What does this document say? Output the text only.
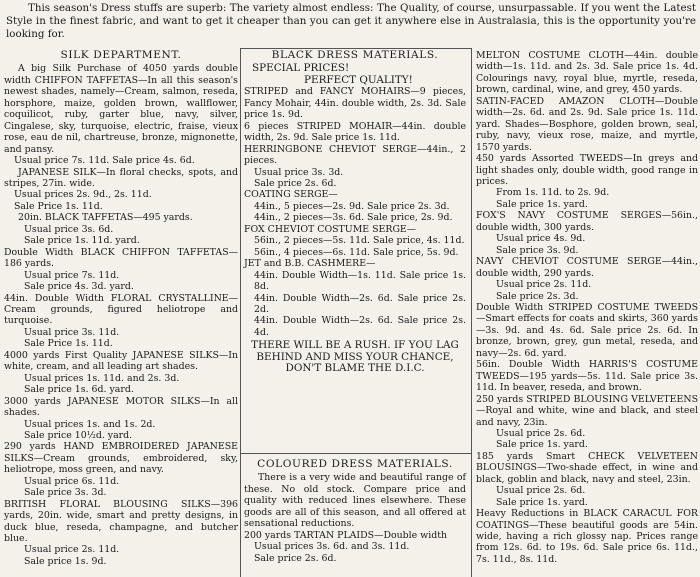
This season's Dress stuffs are superb: The variety almost endless: The Quality, of course, unsurpassable. If you went the Latest Style in the finest fabric, and want to get it cheaper than you can get it anywhere else in Australasia, this is the opportunity you're looking for.

SILK DEPARTMENT.

A big Silk Purchase of 4050 yards double width CHIFFON TAFFETAS—In all this season's newest shades, namely—Cream, salmon, reseda, horsphore, maize, golden brown, wallflower, coquilicot, ruby, garter blue, navy, silver, Cingalese, sky, turquoise, electric, fraise, vieux rose, eau de nil, chartreuse, bronze, mignonette, and pansy.

Usual price 7s. 11d. Sale price 4s. 6d.

JAPANESE SILK—In floral checks, spots, and stripes, 27in. wide.

Usual prices 2s. 9d., 2s. 11d.

Sale Price 1s. 11d.

20in. BLACK TAFFETAS—495 yards.

Usual price 3s. 6d.

Sale price 1s. 11d. yard.

Double Width BLACK CHIFFON TAFFETAS—186 yards.

Usual price 7s. 11d.

Sale price 4s. 3d. yard.

44in. Double Width FLORAL CRYSTALLINE—Cream grounds, figured heliotrope and turquoise.

Usual price 3s. 11d.

Sale Price 1s. 11d.

4000 yards First Quality JAPANESE SILKS—In white, cream, and all leading art shades.

Usual prices 1s. 11d. and 2s. 3d.

Sale price 1s. 6d. yard.

3000 yards JAPANESE MOTOR SILKS—In all shades.

Usual prices 1s. and 1s. 2d.

Sale price 10½d. yard.

290 yards HAND EMBROIDERED JAPANESE SILKS—Cream grounds, embroidered, sky, heliotrope, moss green, and navy.

Usual price 6s. 11d.

Sale price 3s. 3d.

BRITISH FLORAL BLOUSING SILKS—396 yards, 20in. wide, smart and pretty designs, in duck blue, reseda, champagne, and butcher blue.

Usual price 2s. 11d.

Sale price 1s. 9d.

BLACK DRESS MATERIALS.

SPECIAL PRICES!

PERFECT QUALITY!

STRIPED and FANCY MOHAIRS—9 pieces, Fancy Mohair, 44in. double width, 2s. 3d. Sale price 1s. 9d.

6 pieces STRIPED MOHAIR—44in. double width, 2s. 9d. Sale price 1s. 11d.

HERRINGBONE CHEVIOT SERGE—44in., 2 pieces.

Usual price 3s. 3d.

Sale price 2s. 6d.

COATING SERGE—

44in., 5 pieces—2s. 9d. Sale price 2s. 3d.

44in., 2 pieces—3s. 6d. Sale price, 2s. 9d.

FOX CHEVIOT COSTUME SERGE—

56in., 2 pieces—5s. 11d. Sale price, 4s. 11d.

56in., 4 pieces—6s. 11d. Sale price, 5s. 9d.

JET and B.B. CASHMERE—

44in. Double Width—1s. 11d. Sale price 1s. 8d.

44in. Double Width—2s. 6d. Sale price 2s. 2d.

44in. Double Width—2s. 6d. Sale price 2s. 4d.

THERE WILL BE A RUSH. IF YOU LAG BEHIND AND MISS YOUR CHANCE, DON'T BLAME THE D.I.C.

COLOURED DRESS MATERIALS.

There is a very wide and beautiful range of these. No old stock. Compare price and quality with reduced lines elsewhere. These goods are all of this season, and all offered at sensational reductions.

200 yards TARTAN PLAIDS—Double width

Usual prices 3s. 6d. and 3s. 11d.

Sale price 2s. 6d.

MELTON COSTUME CLOTH—44in. double width—1s. 11d. and 2s. 3d. Sale price 1s. 4d. Colourings navy, royal blue, myrtle, reseda, brown, cardinal, wine, and grey, 450 yards.

SATIN-FACED AMAZON CLOTH—Double width—2s. 6d. and 2s. 9d. Sale price 1s. 11d. yard. Shades—Bosphore, golden brown, seal, ruby, navy, vieux rose, maize, and myrtle, 1570 yards.

450 yards Assorted TWEEDS—In greys and light shades only, double width, good range in prices.

From 1s. 11d. to 2s. 9d.

Sale price 1s. yard.

FOX'S NAVY COSTUME SERGES—56in., double width, 300 yards.

Usual price 4s. 9d.

Sale price 3s. 9d.

NAVY CHEVIOT COSTUME SERGE—44in., double width, 290 yards.

Usual price 2s. 11d.

Sale price 2s. 3d.

Double Width STRIPED COSTUME TWEEDS—Smart effects for coats and skirts, 360 yards—3s. 9d. and 4s. 6d. Sale price 2s. 6d. In bronze, brown, grey, gun metal, reseda, and navy—2s. 6d. yard.

56in. Double Width HARRIS'S COSTUME TWEEDS—195 yards—5s. 11d. Sale price 3s. 11d. In beaver, reseda, and brown.

250 yards STRIPED BLOUSING VELVETEENS—Royal and white, wine and black, and steel and navy, 23in.

Usual price 2s. 6d.

Sale price 1s. yard.

185 yards Smart CHECK VELVETEEN BLOUSINGS—Two-shade effect, in wine and black, goblin and black, navy and steel, 23in.

Usual price 2s. 6d.

Sale price 1s. yard.

Heavy Reductions in BLACK CARACUL FOR COATINGS—These beautiful goods are 54in. wide, having a rich glossy nap. Prices range from 12s. 6d. to 19s. 6d. Sale price 6s. 11d., 7s. 11d., 8s. 11d.
